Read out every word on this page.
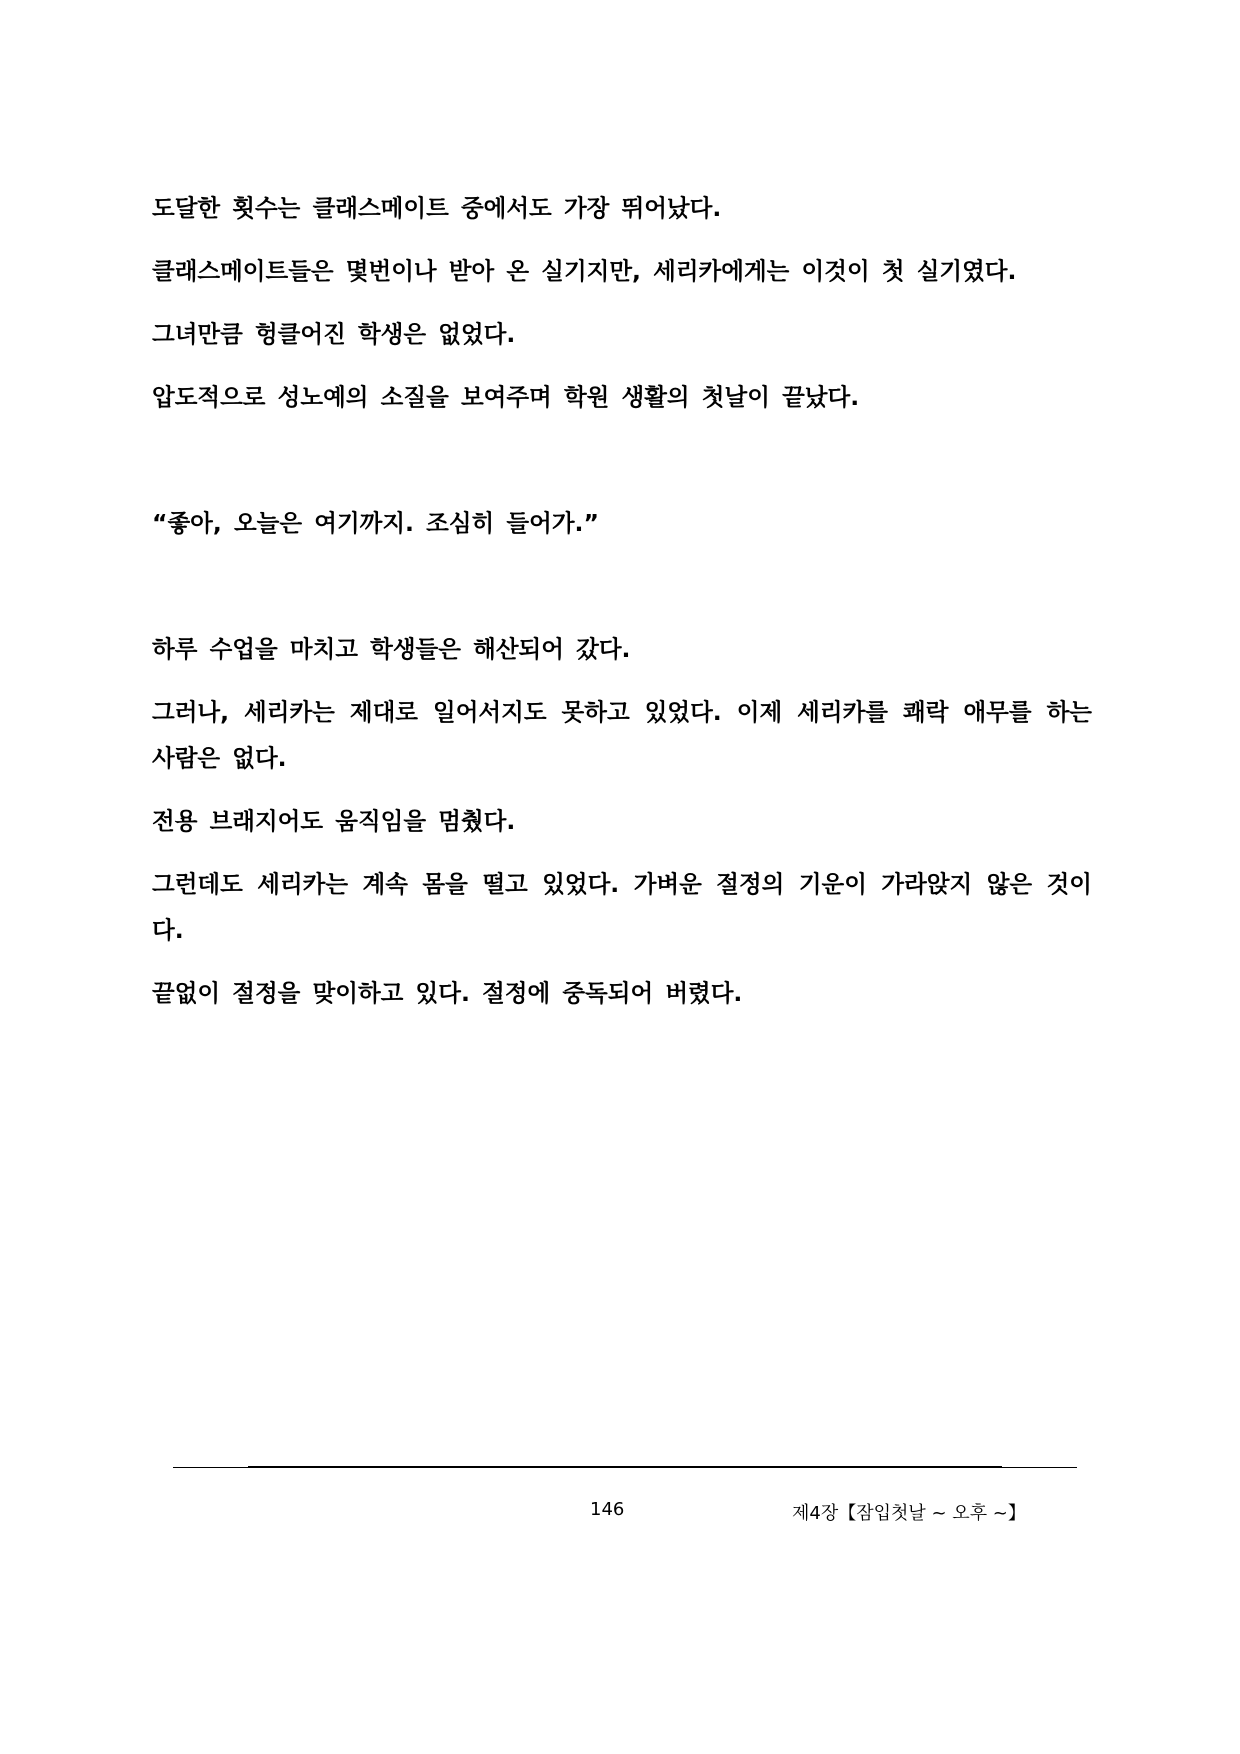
도달한 횟수는 클래스메이트 중에서도 가장 뛰어났다.

클래스메이트들은 몇번이나 받아 온 실기지만, 세리카에게는 이것이 첫 실기였다.

그녀만큼 헝클어진 학생은 없었다.

압도적으로 성노예의 소질을 보여주며 학원 생활의 첫날이 끝났다.

“좋아, 오늘은 여기까지. 조심히 들어가.”

하루 수업을 마치고 학생들은 해산되어 갔다.

그러나, 세리카는 제대로 일어서지도 못하고 있었다. 이제 세리카를 쾌락 애무를 하는 사람은 없다.

전용 브래지어도 움직임을 멈췄다.

그런데도 세리카는 계속 몸을 떨고 있었다. 가벼운 절정의 기운이 가라앉지 않은 것이다.

끝없이 절정을 맞이하고 있다. 절정에 중독되어 버렸다.

146	제4장【잠입첫날 ~ 오후 ~】
